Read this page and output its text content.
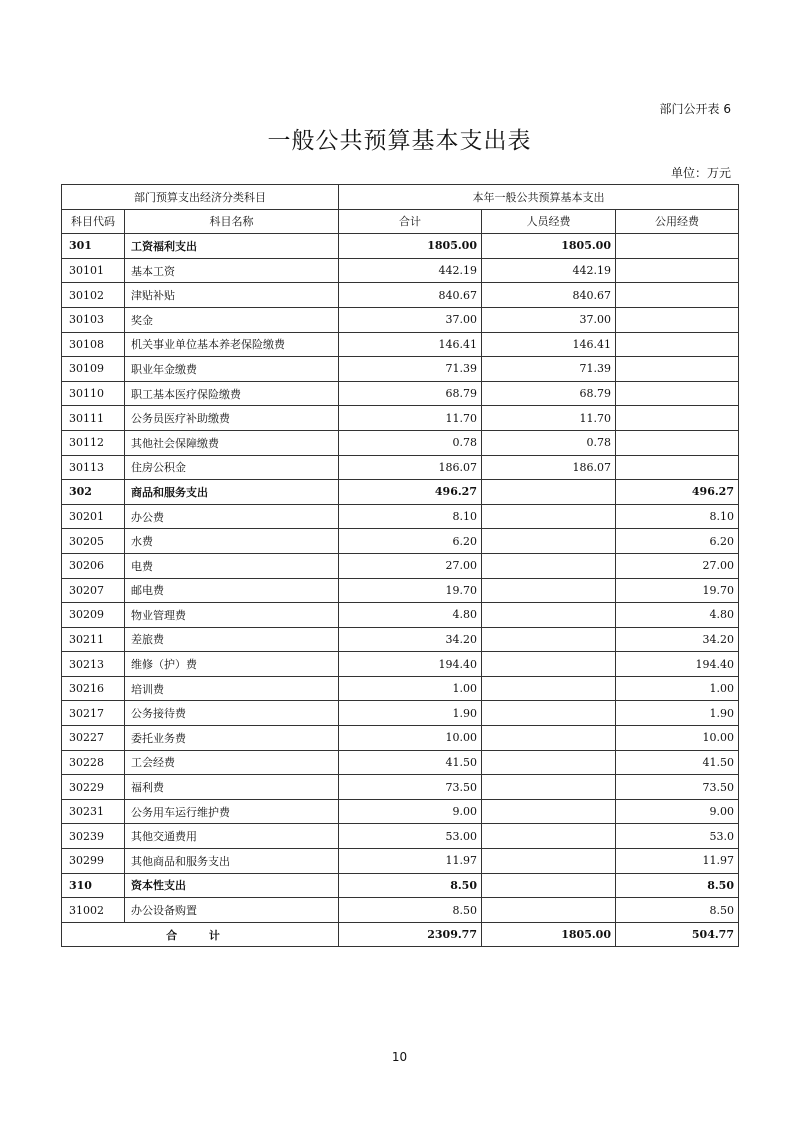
部门公开表 6
一般公共预算基本支出表
单位：万元
部门预算支出经济分类科目		本年一般公共预算基本支出		
科目代码	科目名称	合计	人员经费	公用经费
301	工资福利支出	1805.00	1805.00	
30101	基本工资	442.19	442.19	
30102	津贴补贴	840.67	840.67	
30103	奖金	37.00	37.00	
30108	机关事业单位基本养老保险缴费	146.41	146.41	
30109	职业年金缴费	71.39	71.39	
30110	职工基本医疗保险缴费	68.79	68.79	
30111	公务员医疗补助缴费	11.70	11.70	
30112	其他社会保障缴费	0.78	0.78	
30113	住房公积金	186.07	186.07	
302	商品和服务支出	496.27		496.27
30201	办公费	8.10		8.10
30205	水费	6.20		6.20
30206	电费	27.00		27.00
30207	邮电费	19.70		19.70
30209	物业管理费	4.80		4.80
30211	差旅费	34.20		34.20
30213	维修（护）费	194.40		194.40
30216	培训费	1.00		1.00
30217	公务接待费	1.90		1.90
30227	委托业务费	10.00		10.00
30228	工会经费	41.50		41.50
30229	福利费	73.50		73.50
30231	公务用车运行维护费	9.00		9.00
30239	其他交通费用	53.00		53.0
30299	其他商品和服务支出	11.97		11.97
310	资本性支出	8.50		8.50
31002	办公设备购置	8.50		8.50
合 计		2309.77	1805.00	504.77
10
